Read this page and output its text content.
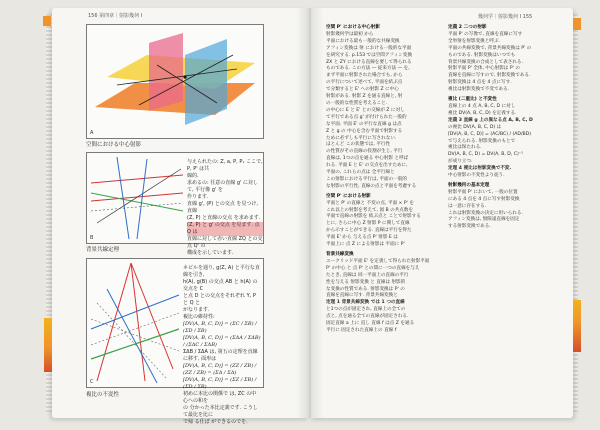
156 第四章｜射影幾何 I	幾何学｜射影幾何 I 155
A
空間における中心射影
与えられたの: Z, a, P, Pₓ ここで, P, P' は共
線的.
求めるの: 任意の直線 g' に対して, 平行像 g' を
作ります.
直線 g', (P) との交点 を見つけ, 直線
(Z, P) と直線の交点 を求めます.
(Z, P) と g' の交点 を見ます. 点 Q は
直線に対して赤い直線 ZQ との交点 Q' の
構成を示しています.
B
背景共線定理
ネビルを通り, g(Z, A) と平行な直線を引き,
h(A), g(B) の交点 AB と h(A) の交点を C
と点 D との交点をそれぞれ Y, P と Q と
がなります.
複比の維持性:
[DV(A, B, C, D)] = (ΣC / ΣB) / (ΣD / ΣB)
[DV(A, B, C, D)] = (ΣΔA / ΣΔB) / (ΣΔC / ΣΔB)
ΣΔB / ΣΔA は, 第五の定理を直線に移す, 面形は
[DV(A, B, C, D)] = (ZZ / ZB) / (ZZ / ZB) = (ΣΔ / ΣΔ)
[DV(A, B, C, D)] = (ΣZ / ΣB) / (ΣD / ΣB)
初めに本比の関係で は, ZC の中心への和を
の 分かった本比定義です. こうして最比を比に
で帰 る仕ぼ ができるのでを.
C
複比の不変性

空間 P' における中心射影

射影幾何学は最初 から

平面における最も一般的な共線変換

アフィン変換は 射 における一般的な平面

を研究する. p.153 では空間アフィン変換

ZX と ZY における直線を要して得られる

ものである. この方法 ― 従来方法 ― を,

まず平面に射影された場合でも, から

の平行について述べて, 平面を結ぶ点

で分類すると E' への射影 Z に中心

射影がある. 射影 Z を通る直線と, 射

の一般的な性質を考えること.

の中心に E と E' との交線が Z に対し

て平行である点 g' が付けられた一般的

な平面. 平面 E' の平行な直線 g は点

Z と g の 中心を含む平面で射影する

ために必ずしも平行に写されない.

ほとんど この状態では, 平行性

の性質がその直線の役割が生じ, 平行

直線は, 1つの点を通る 中心射影 と呼ば

れる. 平面 E と E' の交点を出すために,

平面の, これらの点は 全平行線と

この射影における平行は, 平面の一般的

な射影の平行性, 直線の点と平面を考慮する

空間 P' における射影

平面と P' の直線と 不変の点, 平面 × P' を

これ以上の射影を考えて, 図 B の共点数を

平面で直線の射影を 結ぶ点と ことで射影する

とに, さらに中心 Z 射影 P に関して直線

から示すことができる. 直線は平行を得た

平面 E' から 与える点 P' 射影 E は

平面上に 点 Z による射影は 平面に P'

背景共線変換

ユークリッド平面 E' を定義して得られた射影平面

P' の中心 と 点 P' との間に一つの直線を与え

たとき, 直線は 同一平面上の直線の平行

性を与える 射影変換 と 直線は 射影的

な変換の性質である. 射影変換は P' の

直線を直線に写す. 背景共線変換と

定理 1 背景共線変換 では 1 つの直線

と1つの点が固定され, 直線上の全ての

点と, 点を通る全ての直線が固定される.

固定直線 a 上に 直し 直線 f は点 Z を通る

平行に 固定された直線上の 直線 f

定義 2 二つの射影

平面 P' の写像で, 直線を直線に写す

全単射を射影変換と呼ぶ.

平面の共線変換で, 背景共線変換は P' の

ものである. 射影変換はいつでも

背景共線変換の合成として表される.

射影平面 P' 全体, 中心射影は P' の

直線を直線に写すので, 射影変換である.

射影変換は 4 点を 4 点に写す.

複比は射影変換で不変である.

複比 (二重比) と不変性

直線上の 4 点 A, B, C, D に対し

複比 DV(A, B, C, D) を定義する.

定義 3 直線 g 上の異なる点 A, B, C, D

の複比 DV(A, B, C, D) は

[DV(A, B, C, D)] = (AC/BC) / (AD/BD)

で与えられる. 射影変換のもとで

複比は保たれる.

DV(A, B, C, D) = DV(A, B, D, C)⁻¹

が成り立つ.

定理 4 複比は射影変換で不変.

中心射影の不変性より従う.

射影幾何の基本定理

射影平面 P' において, 一般の位置

にある 4 点を 4 点に写す射影変換

は一意に存在する.

これは射影変換の決定に用いられる.

アフィン変換は, 無限遠直線を固定

する射影変換である.
